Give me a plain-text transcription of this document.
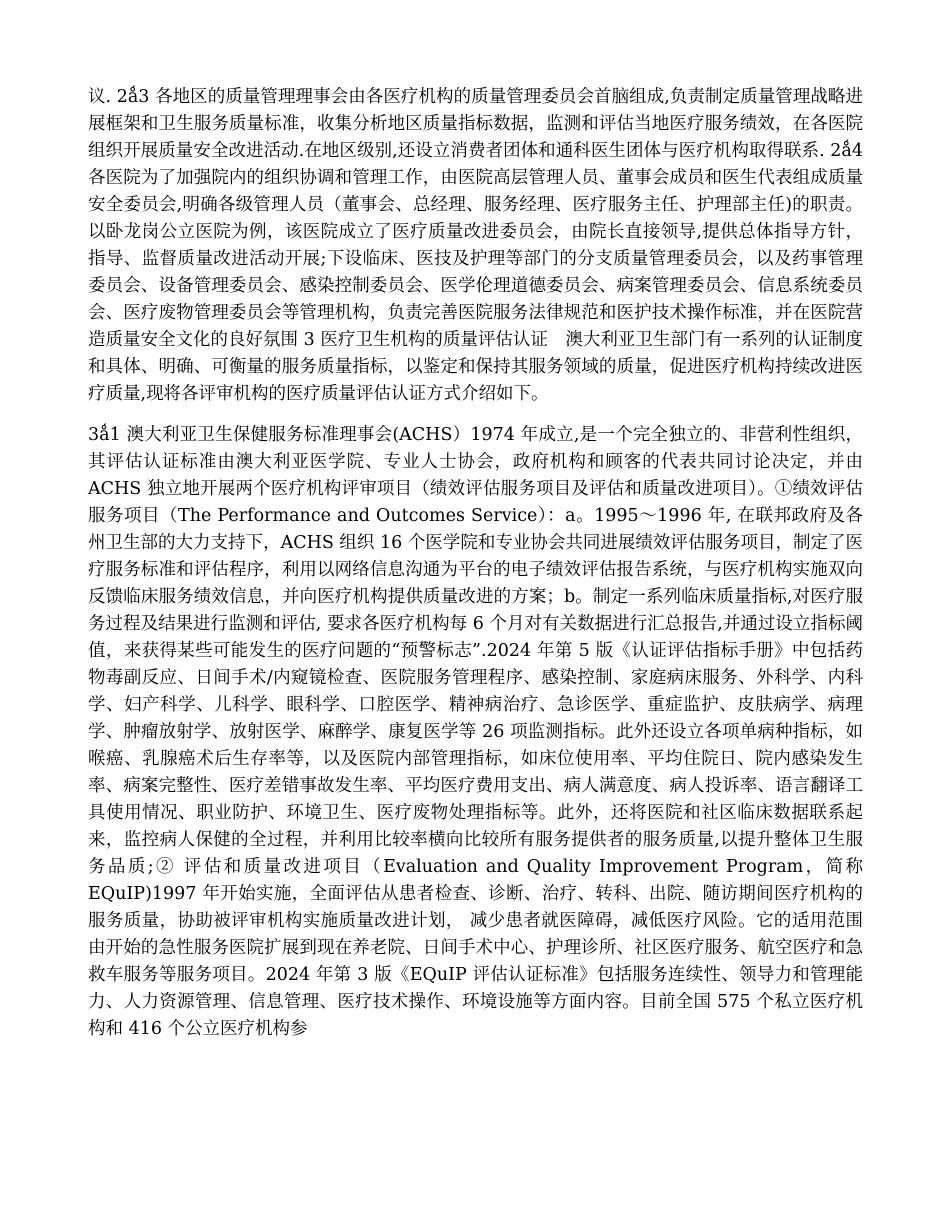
议. 2ǻ3 各地区的质量管理理事会由各医疗机构的质量管理委员会首脑组成,负责制定质量管理战略进展框架和卫生服务质量标准，收集分析地区质量指标数据，监测和评估当地医疗服务绩效，在各医院组织开展质量安全改进活动.在地区级别,还设立消费者团体和通科医生团体与医疗机构取得联系. 2ǻ4 各医院为了加强院内的组织协调和管理工作，由医院高层管理人员、董事会成员和医生代表组成质量安全委员会,明确各级管理人员（董事会、总经理、服务经理、医疗服务主任、护理部主任)的职责。以卧龙岗公立医院为例，该医院成立了医疗质量改进委员会，由院长直接领导,提供总体指导方针，指导、监督质量改进活动开展;下设临床、医技及护理等部门的分支质量管理委员会，以及药事管理委员会、设备管理委员会、感染控制委员会、医学伦理道德委员会、病案管理委员会、信息系统委员会、医疗废物管理委员会等管理机构，负责完善医院服务法律规范和医护技术操作标准，并在医院营造质量安全文化的良好氛围 3 医疗卫生机构的质量评估认证　澳大利亚卫生部门有一系列的认证制度和具体、明确、可衡量的服务质量指标，以鉴定和保持其服务领域的质量，促进医疗机构持续改进医疗质量,现将各评审机构的医疗质量评估认证方式介绍如下。

3ǻ1 澳大利亚卫生保健服务标准理事会(ACHS）1974 年成立,是一个完全独立的、非营利性组织，其评估认证标准由澳大利亚医学院、专业人士协会，政府机构和顾客的代表共同讨论决定，并由 ACHS 独立地开展两个医疗机构评审项目（绩效评估服务项目及评估和质量改进项目）。①绩效评估服务项目（The Performance and Outcomes Service）：a。1995～1996 年, 在联邦政府及各州卫生部的大力支持下，ACHS 组织 16 个医学院和专业协会共同进展绩效评估服务项目，制定了医疗服务标准和评估程序，利用以网络信息沟通为平台的电子绩效评估报告系统，与医疗机构实施双向反馈临床服务绩效信息，并向医疗机构提供质量改进的方案；b。制定一系列临床质量指标,对医疗服务过程及结果进行监测和评估, 要求各医疗机构每 6 个月对有关数据进行汇总报告,并通过设立指标阈值，来获得某些可能发生的医疗问题的“预警标志”.2024 年第 5 版《认证评估指标手册》中包括药物毒副反应、日间手术/内窥镜检查、医院服务管理程序、感染控制、家庭病床服务、外科学、内科学、妇产科学、儿科学、眼科学、口腔医学、精神病治疗、急诊医学、重症监护、皮肤病学、病理学、肿瘤放射学、放射医学、麻醉学、康复医学等 26 项监测指标。此外还设立各项单病种指标，如喉癌、乳腺癌术后生存率等，以及医院内部管理指标，如床位使用率、平均住院日、院内感染发生率、病案完整性、医疗差错事故发生率、平均医疗费用支出、病人满意度、病人投诉率、语言翻译工具使用情况、职业防护、环境卫生、医疗废物处理指标等。此外，还将医院和社区临床数据联系起来，监控病人保健的全过程，并利用比较率横向比较所有服务提供者的服务质量,以提升整体卫生服务品质;② 评估和质量改进项目（Evaluation and Quality Improvement Program，简称 EQuIP)1997 年开始实施，全面评估从患者检查、诊断、治疗、转科、出院、随访期间医疗机构的服务质量，协助被评审机构实施质量改进计划， 减少患者就医障碍，减低医疗风险。它的适用范围由开始的急性服务医院扩展到现在养老院、日间手术中心、护理诊所、社区医疗服务、航空医疗和急救车服务等服务项目。2024 年第 3 版《EQuIP 评估认证标准》包括服务连续性、领导力和管理能力、人力资源管理、信息管理、医疗技术操作、环境设施等方面内容。目前全国 575 个私立医疗机构和 416 个公立医疗机构参
